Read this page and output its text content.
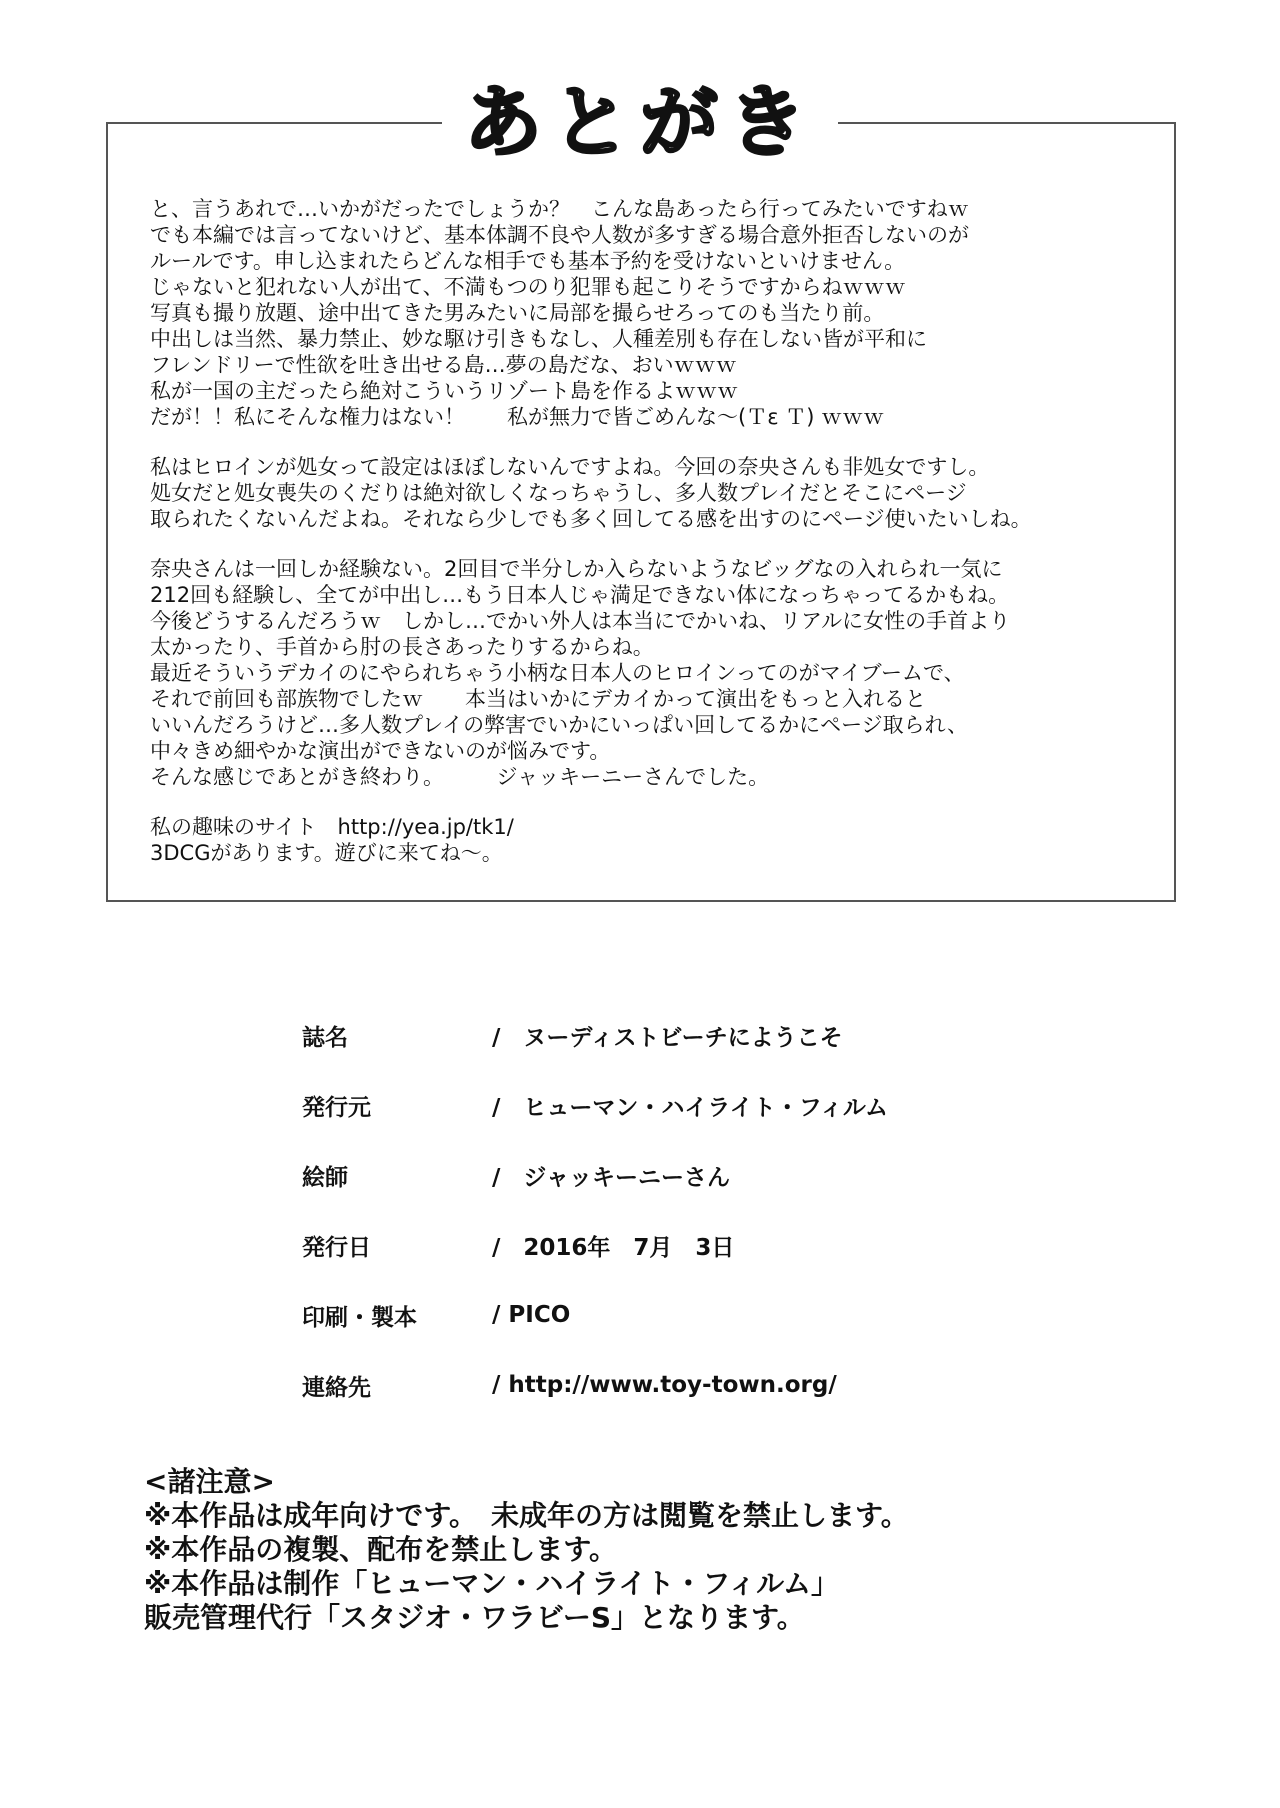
あとがき
と、言うあれで…いかがだったでしょうか？　こんな島あったら行ってみたいですねｗ
でも本編では言ってないけど、基本体調不良や人数が多すぎる場合意外拒否しないのが
ルールです。申し込まれたらどんな相手でも基本予約を受けないといけません。
じゃないと犯れない人が出て、不満もつのり犯罪も起こりそうですからねｗｗｗ
写真も撮り放題、途中出てきた男みたいに局部を撮らせろってのも当たり前。
中出しは当然、暴力禁止、妙な駆け引きもなし、人種差別も存在しない皆が平和に
フレンドリーで性欲を吐き出せる島…夢の島だな、おいｗｗｗ
私が一国の主だったら絶対こういうリゾート島を作るよｗｗｗ
だが！！私にそんな権力はない！　　私が無力で皆ごめんな～(Ｔε Ｔ) ｗｗｗ
私はヒロインが処女って設定はほぼしないんですよね。今回の奈央さんも非処女ですし。
処女だと処女喪失のくだりは絶対欲しくなっちゃうし、多人数プレイだとそこにページ
取られたくないんだよね。それなら少しでも多く回してる感を出すのにページ使いたいしね。
奈央さんは一回しか経験ない。2回目で半分しか入らないようなビッグなの入れられ一気に
212回も経験し、全てが中出し…もう日本人じゃ満足できない体になっちゃってるかもね。
今後どうするんだろうｗ　しかし…でかい外人は本当にでかいね、リアルに女性の手首より
太かったり、手首から肘の長さあったりするからね。
最近そういうデカイのにやられちゃう小柄な日本人のヒロインってのがマイブームで、
それで前回も部族物でしたｗ　　本当はいかにデカイかって演出をもっと入れると
いいんだろうけど…多人数プレイの弊害でいかにいっぱい回してるかにページ取られ、
中々きめ細やかな演出ができないのが悩みです。
そんな感じであとがき終わり。　　　ジャッキーニーさんでした。
私の趣味のサイト　http://yea.jp/tk1/
3DCGがあります。遊びに来てね～。
誌名	/　ヌーディストビーチにようこそ
発行元	/　ヒューマン・ハイライト・フィルム
絵師	/　ジャッキーニーさん
発行日	/　2016年　7月　3日
印刷・製本	/ PICO
連絡先	/ http://www.toy-town.org/
<諸注意>
※本作品は成年向けです。　未成年の方は閲覧を禁止します。
※本作品の複製、配布を禁止します。
※本作品は制作「ヒューマン・ハイライト・フィルム」
販売管理代行「スタジオ・ワラビーS」となります。
